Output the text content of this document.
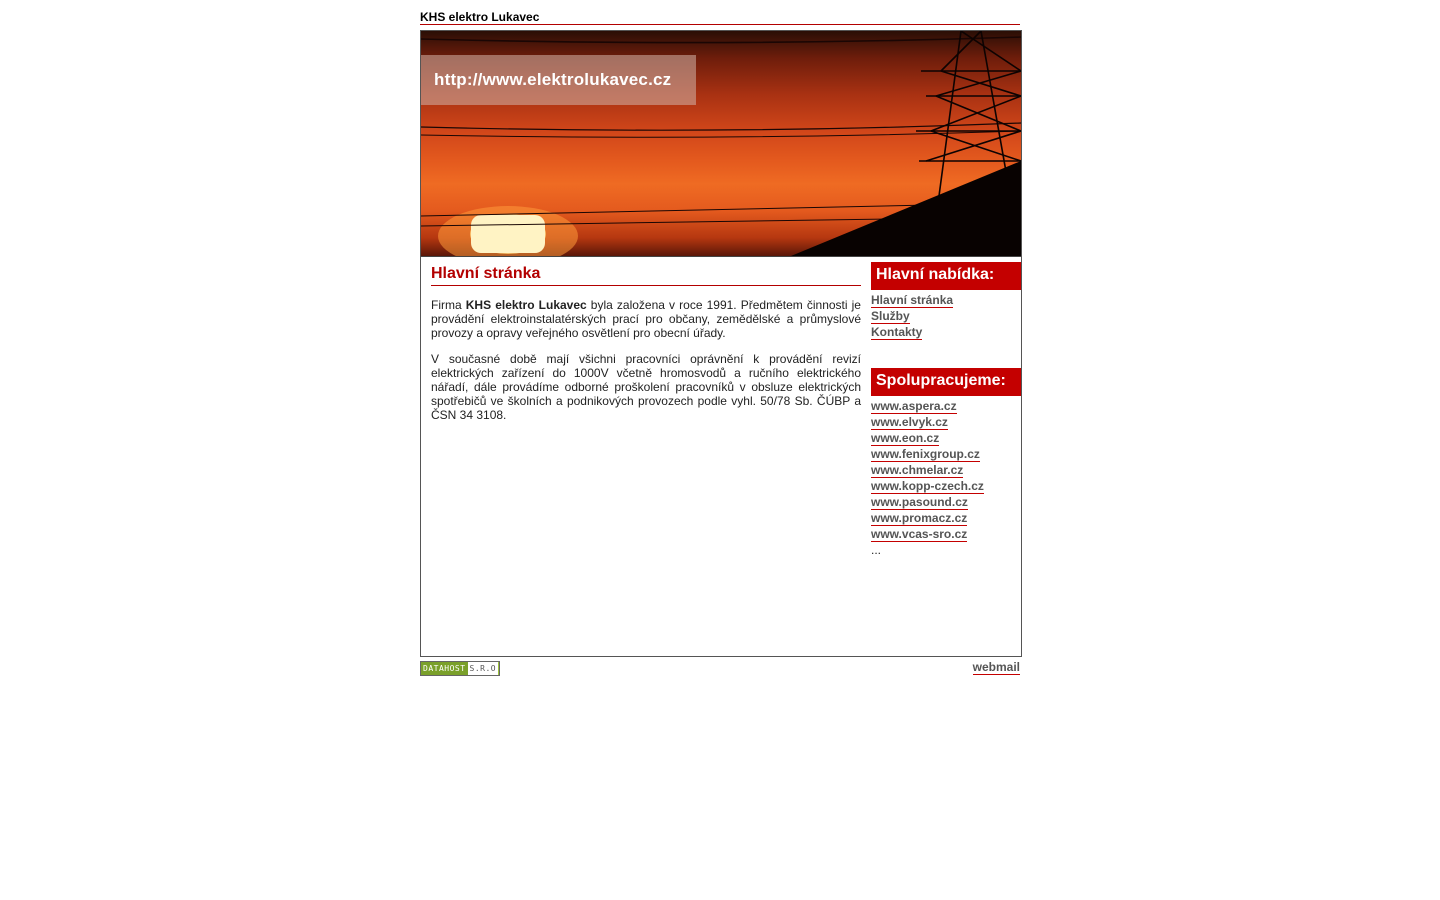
KHS elektro Lukavec
http://www.elektrolukavec.cz
Hlavní stránka

Firma KHS elektro Lukavec byla založena v roce 1991. Předmětem činnosti je provádění elektroinstalatérských prací pro občany, zemědělské a průmyslové provozy a opravy veřejného osvětlení pro obecní úřady.

V současné době mají všichni pracovníci oprávnění k provádění revizí elektrických zařízení do 1000V včetně hromosvodů a ručního elektrického nářadí, dále provádíme odborné proškolení pracovníků v obsluze elektrických spotřebičů ve školních a podnikových provozech podle vyhl. 50/78 Sb. ČÚBP a ČSN 34 3108.

Hlavní nabídka:
Hlavní stránka
Služby
Kontakty
Spolupracujeme:
www.aspera.cz
www.elvyk.cz
www.eon.cz
www.fenixgroup.cz
www.chmelar.cz
www.kopp-czech.cz
www.pasound.cz
www.promacz.cz
www.vcas-sro.cz
...
DATAHOST S.R.O	webmail
